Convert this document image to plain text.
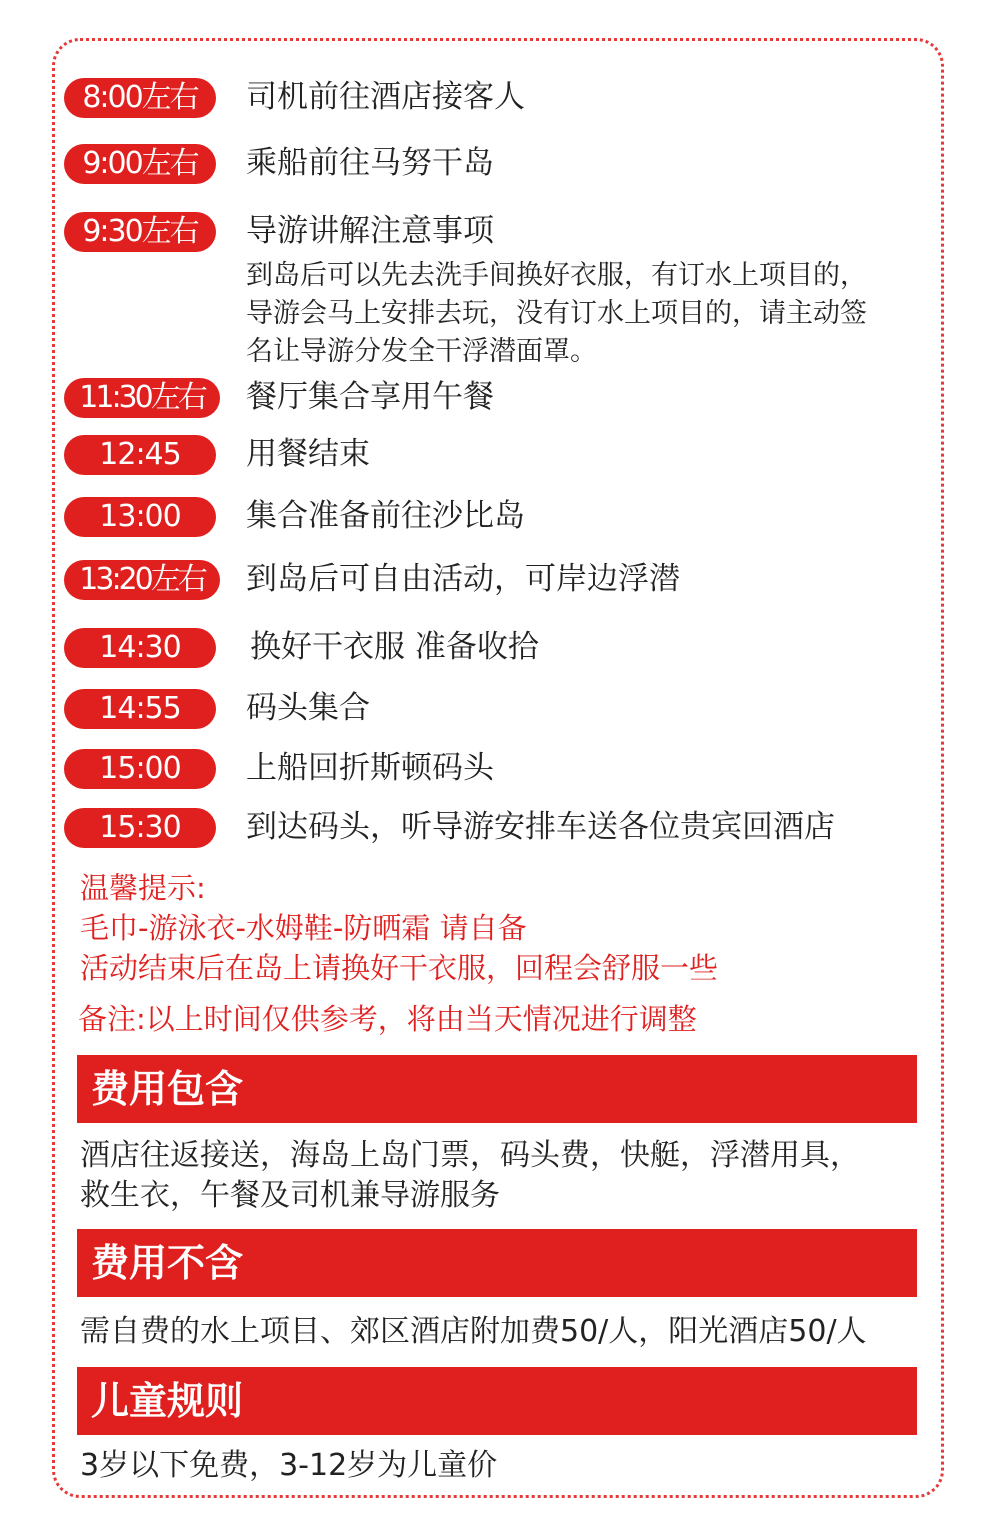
8:00左右	司机前往酒店接客人
9:00左右	乘船前往马努干岛
9:30左右	导游讲解注意事项
到岛后可以先去洗手间换好衣服，有订水上项目的，
导游会马上安排去玩，没有订水上项目的，请主动签
名让导游分发全干浮潜面罩。
11:30左右	餐厅集合享用午餐
12:45	用餐结束
13:00	集合准备前往沙比岛
13:20左右	到岛后可自由活动，可岸边浮潜
14:30	换好干衣服 准备收拾
14:55	码头集合
15:00	上船回折斯顿码头
15:30	到达码头，听导游安排车送各位贵宾回酒店
温馨提示:
毛巾-游泳衣-水姆鞋-防晒霜 请自备
活动结束后在岛上请换好干衣服，回程会舒服一些
备注:以上时间仅供参考，将由当天情况进行调整
费用包含
酒店往返接送，海岛上岛门票，码头费，快艇，浮潜用具，
救生衣，午餐及司机兼导游服务
费用不含
需自费的水上项目、郊区酒店附加费50/人，阳光酒店50/人
儿童规则
3岁以下免费，3-12岁为儿童价
